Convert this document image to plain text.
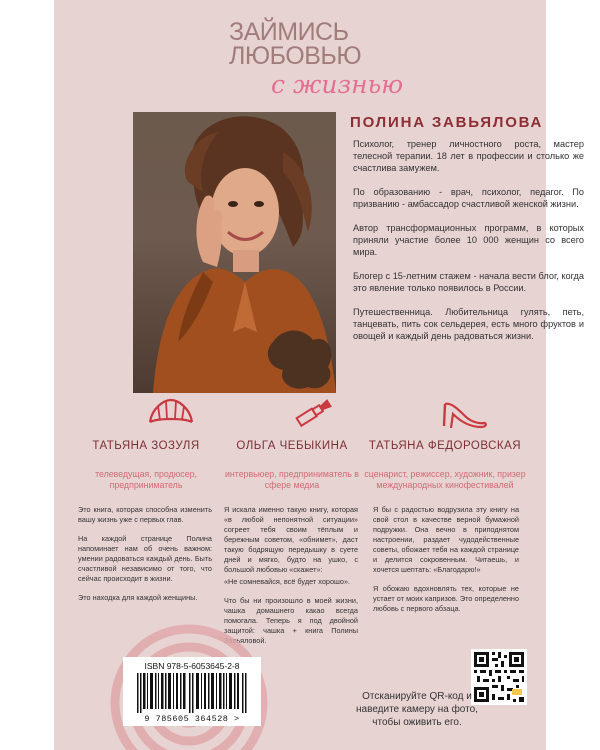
ЗАЙМИСЬ
ЛЮБОВЬЮ
с жизнью
ПОЛИНА ЗАВЬЯЛОВА

Психолог, тренер личностного роста, мастер телесной терапии. 18 лет в профессии и столько же счастлива замужем.

По образованию - врач, психолог, педагог. По призванию - амбассадор счастливой женской жизни.

Автор трансформационных программ, в которых приняли участие более 10 000 женщин со всего мира.

Блогер с 15-летним стажем - начала вести блог, когда это явление только появилось в России.

Путешественница. Любительница гулять, петь, танцевать, пить сок сельдерея, есть много фруктов и овощей и каждый день радоваться жизни.

ТАТЬЯНА ЗОЗУЛЯ
телеведущая, продюсер, предприниматель

Это книга, которая способна изменить вашу жизнь уже с первых глав.

На каждой странице Полина напоминает нам об очень важном: умении радоваться каждый день. Быть счастливой независимо от того, что сейчас происходит в жизни.

Это находка для каждой женщины.

ОЛЬГА ЧЕБЫКИНА
интервьюер, предприниматель в сфере медиа

Я искала именно такую книгу, которая «в любой непонятной ситуации» согреет тебя своим тёплым и бережным советом, «обнимет», даст такую бодрящую передышку в суете дней и мягко, будто на ушко, с большой любовью «скажет»:

«Не сомневайся, всё будет хорошо».

Что бы ни произошло в моей жизни, чашка домашнего какао всегда помогала. Теперь я под двойной защитой: чашка + книга Полины Завьяловой.

ТАТЬЯНА ФЕДОРОВСКАЯ
сценарист, режиссер, художник, призер международных кинофестивалей

Я бы с радостью водрузила эту книгу на свой стол в качестве верной бумажной подружки. Она вечно в приподнятом настроении, раздает чудодейственные советы, обожает тебя на каждой странице и делится сокровенным. Читаешь, и хочется шептать: «Благодарю!»

Я обожаю вдохновлять тех, которые не устает от моих капризов. Это определенно любовь с первого абзаца.

ISBN 978-5-6053645-2-8
9 785605 364528 >
Отсканируйте QR-код и наведите камеру на фото, чтобы оживить его.
